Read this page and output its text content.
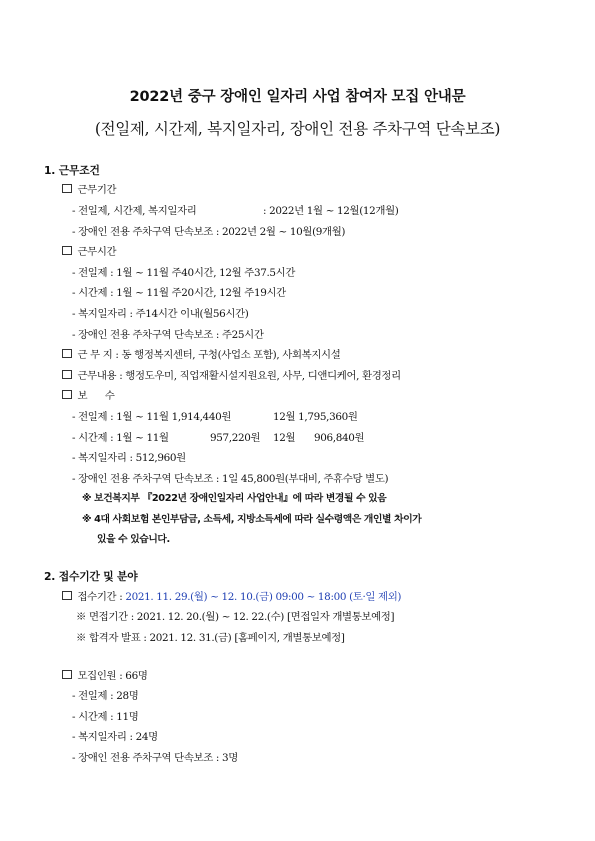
2022년 중구 장애인 일자리 사업 참여자 모집 안내문
(전일제, 시간제, 복지일자리, 장애인 전용 주차구역 단속보조)
1. 근무조건
근무기간
- 전일제, 시간제, 복지일자리	: 2022년 1월 ~ 12월(12개월)
- 장애인 전용 주차구역 단속보조 : 2022년 2월 ~ 10월(9개월)
근무시간
- 전일제 : 1월 ~ 11월 주40시간, 12월 주37.5시간
- 시간제 : 1월 ~ 11월 주20시간, 12월 주19시간
- 복지일자리 : 주14시간 이내(월56시간)
- 장애인 전용 주차구역 단속보조 : 주25시간
근 무 지 : 동 행정복지센터, 구청(사업소 포함), 사회복지시설
근무내용 : 행정도우미, 직업재활시설지원요원, 사무, 디앤디케어, 환경정리
보      수
- 전일제 : 1월 ~ 11월 1,914,440원	12월 1,795,360원
- 시간제 : 1월 ~ 11월	957,220원 12월 906,840원
- 복지일자리 : 512,960원
- 장애인 전용 주차구역 단속보조 : 1일 45,800원(부대비, 주휴수당 별도)
※ 보건복지부 『2022년 장애인일자리 사업안내』에 따라 변경될 수 있음
※ 4대 사회보험 본인부담금, 소득세, 지방소득세에 따라 실수령액은 개인별 차이가
있을 수 있습니다.
2. 접수기간 및 분야
접수기간 : 2021. 11. 29.(월) ~ 12. 10.(금) 09:00 ~ 18:00 (토·일 제외)
※ 면접기간 : 2021. 12. 20.(월) ~ 12. 22.(수) [면접일자 개별통보예정]
※ 합격자 발표 : 2021. 12. 31.(금) [홈페이지, 개별통보예정]
모집인원 : 66명
- 전일제 : 28명
- 시간제 : 11명
- 복지일자리 : 24명
- 장애인 전용 주차구역 단속보조 : 3명
